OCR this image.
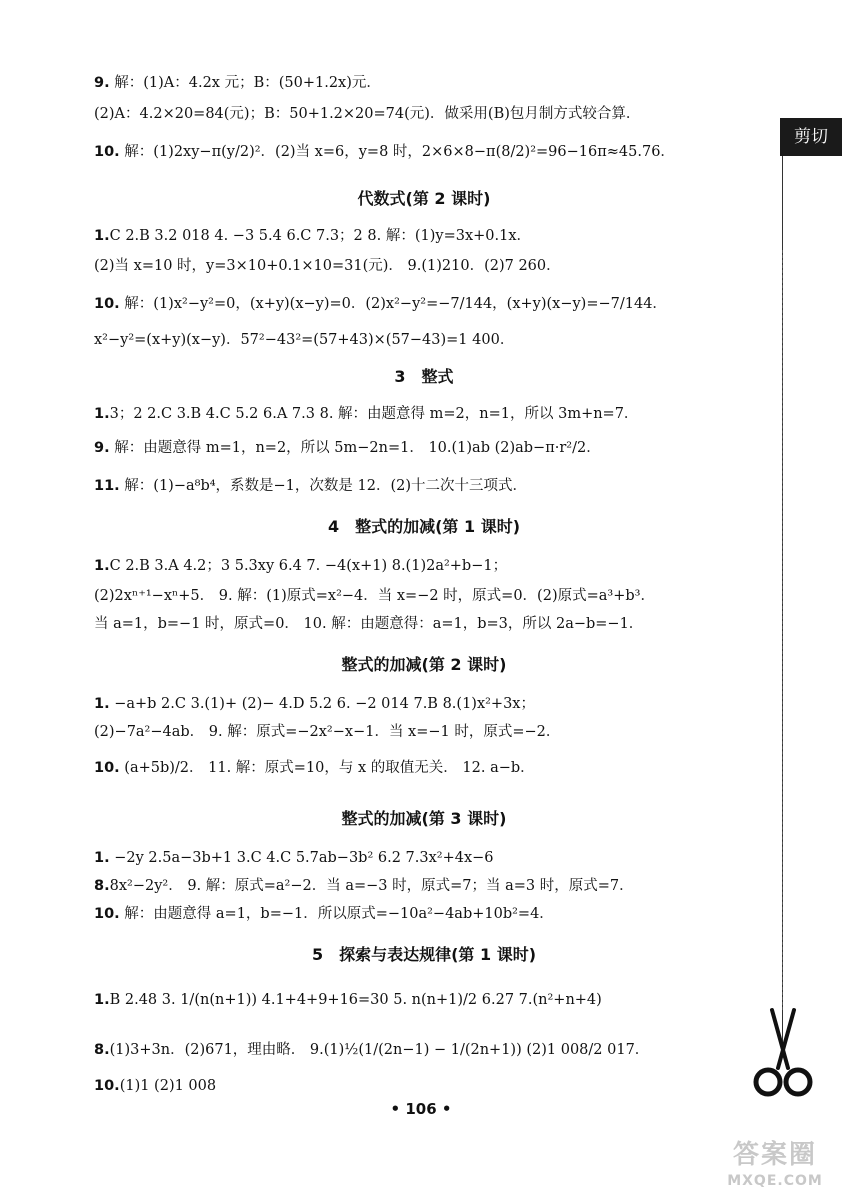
剪切线
9. 解：(1)A：4.2x 元；B：(50+1.2x)元．
(2)A：4.2×20=84(元)；B：50+1.2×20=74(元)．做采用(B)包月制方式较合算．
10. 解：(1)2xy−π(y/2)²．(2)当 x=6，y=8 时，2×6×8−π(8/2)²=96−16π≈45.76．
代数式(第 2 课时)
1.C 2.B 3.2 018 4. −3 5.4 6.C 7.3；2 8. 解：(1)y=3x+0.1x．
(2)当 x=10 时，y=3×10+0.1×10=31(元)． 9.(1)210．(2)7 260．
10. 解：(1)x²−y²=0，(x+y)(x−y)=0．(2)x²−y²=−7/144，(x+y)(x−y)=−7/144．
x²−y²=(x+y)(x−y)．57²−43²=(57+43)×(57−43)=1 400．
3　整式
1.3；2 2.C 3.B 4.C 5.2 6.A 7.3 8. 解：由题意得 m=2，n=1，所以 3m+n=7．
9. 解：由题意得 m=1，n=2，所以 5m−2n=1． 10.(1)ab (2)ab−π·r²/2．
11. 解：(1)−a⁸b⁴，系数是−1，次数是 12．(2)十二次十三项式．
4　整式的加减(第 1 课时)
1.C 2.B 3.A 4.2；3 5.3xy 6.4 7. −4(x+1) 8.(1)2a²+b−1；
(2)2xⁿ⁺¹−xⁿ+5． 9. 解：(1)原式=x²−4．当 x=−2 时，原式=0．(2)原式=a³+b³．
当 a=1，b=−1 时，原式=0． 10. 解：由题意得：a=1，b=3，所以 2a−b=−1．
整式的加减(第 2 课时)
1. −a+b 2.C 3.(1)+ (2)− 4.D 5.2 6. −2 014 7.B 8.(1)x²+3x；
(2)−7a²−4ab． 9. 解：原式=−2x²−x−1．当 x=−1 时，原式=−2．
10. (a+5b)/2． 11. 解：原式=10，与 x 的取值无关． 12. a−b．
整式的加减(第 3 课时)
1. −2y 2.5a−3b+1 3.C 4.C 5.7ab−3b² 6.2 7.3x²+4x−6
8.8x²−2y²． 9. 解：原式=a²−2．当 a=−3 时，原式=7；当 a=3 时，原式=7．
10. 解：由题意得 a=1，b=−1．所以原式=−10a²−4ab+10b²=4．
5　探索与表达规律(第 1 课时)
1.B 2.48 3. 1/(n(n+1)) 4.1+4+9+16=30 5. n(n+1)/2 6.27 7.(n²+n+4)
8.(1)3+3n．(2)671，理由略． 9.(1)½(1/(2n−1) − 1/(2n+1)) (2)1 008/2 017．
10.(1)1 (2)1 008
• 106 •
答案圈
MXQE.COM
